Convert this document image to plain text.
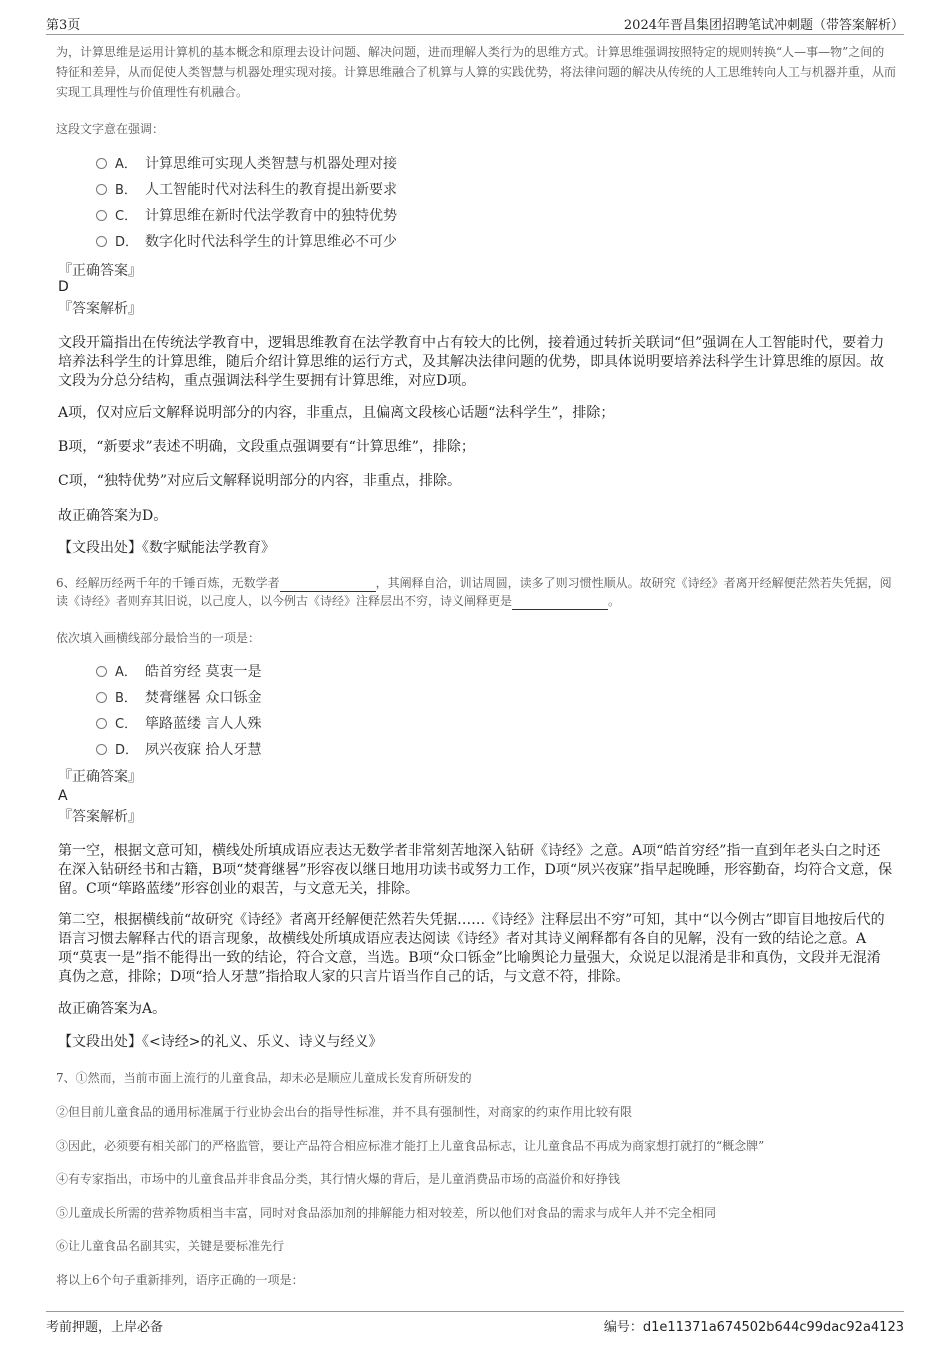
第3页	2024年晋昌集团招聘笔试冲刺题（带答案解析）
为，计算思维是运用计算机的基本概念和原理去设计问题、解决问题，进而理解人类行为的思维方式。计算思维强调按照特定的规则转换“人—事—物”之间的特征和差异，从而促使人类智慧与机器处理实现对接。计算思维融合了机算与人算的实践优势，将法律问题的解决从传统的人工思维转向人工与机器并重，从而实现工具理性与价值理性有机融合。
这段文字意在强调：
A． 计算思维可实现人类智慧与机器处理对接
B． 人工智能时代对法科生的教育提出新要求
C． 计算思维在新时代法学教育中的独特优势
D． 数字化时代法科学生的计算思维必不可少
『正确答案』
D
『答案解析』
文段开篇指出在传统法学教育中，逻辑思维教育在法学教育中占有较大的比例，接着通过转折关联词“但”强调在人工智能时代，要着力培养法科学生的计算思维，随后介绍计算思维的运行方式，及其解决法律问题的优势，即具体说明要培养法科学生计算思维的原因。故文段为分总分结构，重点强调法科学生要拥有计算思维，对应D项。
A项，仅对应后文解释说明部分的内容，非重点，且偏离文段核心话题“法科学生”，排除；
B项，“新要求”表述不明确，文段重点强调要有“计算思维”，排除；
C项，“独特优势”对应后文解释说明部分的内容，非重点，排除。
故正确答案为D。
【文段出处】《数字赋能法学教育》
6、经解历经两千年的千锤百炼，无数学者	，其阐释自洽，训诂周圆，读多了则习惯性顺从。故研究《诗经》者离开经解便茫然若失凭据，阅读《诗经》者则弃其旧说，以己度人，以今例古《诗经》注释层出不穷，诗义阐释更是	。
依次填入画横线部分最恰当的一项是：
A． 皓首穷经 莫衷一是
B． 焚膏继晷 众口铄金
C． 筚路蓝缕 言人人殊
D． 夙兴夜寐 拾人牙慧
『正确答案』
A
『答案解析』
第一空，根据文意可知，横线处所填成语应表达无数学者非常刻苦地深入钻研《诗经》之意。A项“皓首穷经”指一直到年老头白之时还在深入钻研经书和古籍，B项“焚膏继晷”形容夜以继日地用功读书或努力工作，D项“夙兴夜寐”指早起晚睡，形容勤奋，均符合文意，保留。C项“筚路蓝缕”形容创业的艰苦，与文意无关，排除。
第二空，根据横线前“故研究《诗经》者离开经解便茫然若失凭据……《诗经》注释层出不穷”可知，其中“以今例古”即盲目地按后代的语言习惯去解释古代的语言现象，故横线处所填成语应表达阅读《诗经》者对其诗义阐释都有各自的见解，没有一致的结论之意。A项“莫衷一是”指不能得出一致的结论，符合文意，当选。B项“众口铄金”比喻舆论力量强大，众说足以混淆是非和真伪，文段并无混淆真伪之意，排除；D项“拾人牙慧”指拾取人家的只言片语当作自己的话，与文意不符，排除。
故正确答案为A。
【文段出处】《<诗经>的礼义、乐义、诗义与经义》
7、①然而，当前市面上流行的儿童食品，却未必是顺应儿童成长发育所研发的
②但目前儿童食品的通用标准属于行业协会出台的指导性标准，并不具有强制性，对商家的约束作用比较有限
③因此，必须要有相关部门的严格监管，要让产品符合相应标准才能打上儿童食品标志，让儿童食品不再成为商家想打就打的“概念牌”
④有专家指出，市场中的儿童食品并非食品分类，其行情火爆的背后，是儿童消费品市场的高溢价和好挣钱
⑤儿童成长所需的营养物质相当丰富，同时对食品添加剂的排解能力相对较差，所以他们对食品的需求与成年人并不完全相同
⑥让儿童食品名副其实，关键是要标准先行
将以上6个句子重新排列，语序正确的一项是：
考前押题，上岸必备	编号：d1e11371a674502b644c99dac92a4123
